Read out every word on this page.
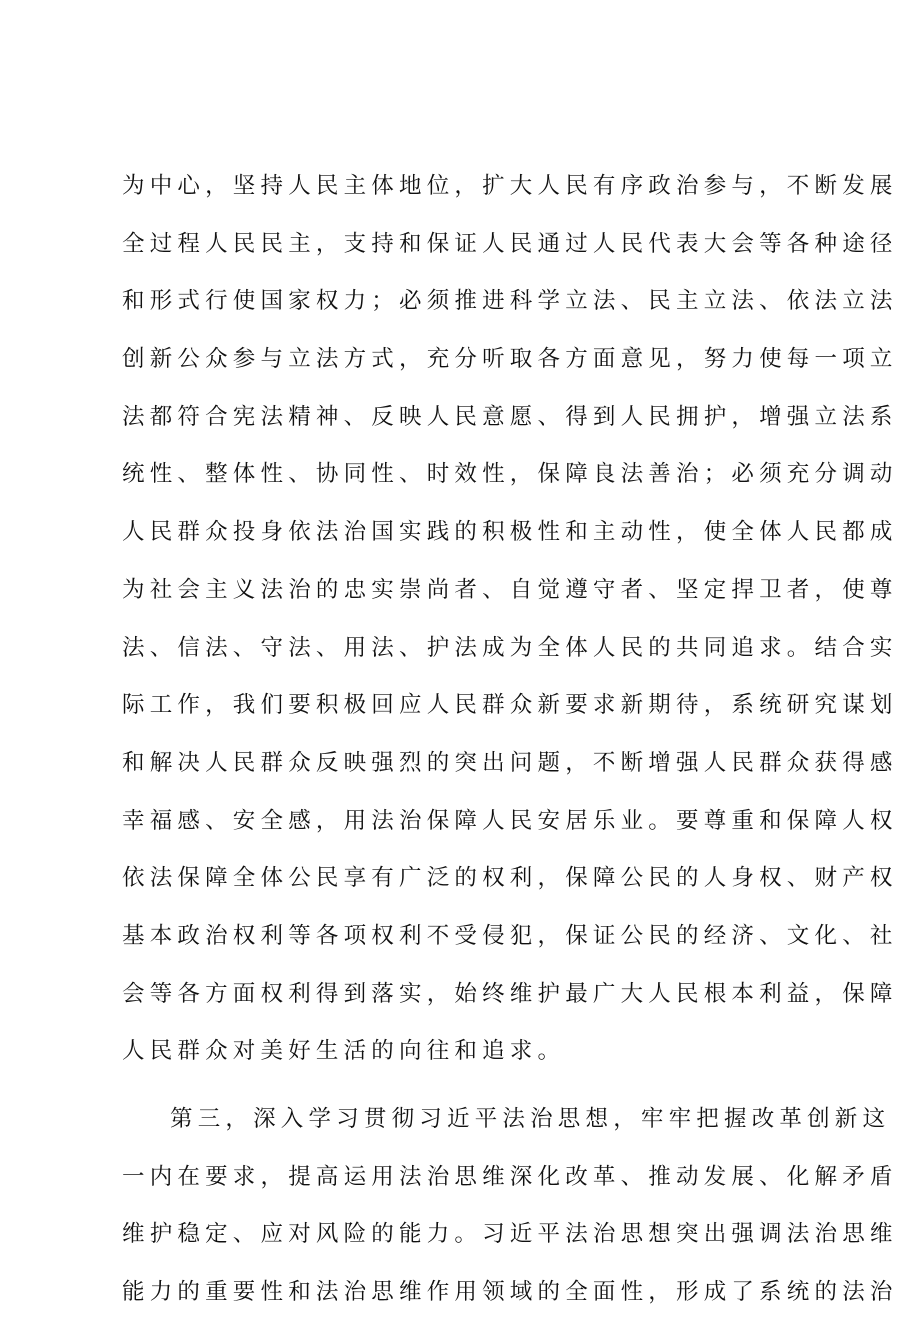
为中心，坚持人民主体地位，扩大人民有序政治参与，不断发展
全过程人民民主，支持和保证人民通过人民代表大会等各种途径
和形式行使国家权力；必须推进科学立法、民主立法、依法立法
创新公众参与立法方式，充分听取各方面意见，努力使每一项立
法都符合宪法精神、反映人民意愿、得到人民拥护，增强立法系
统性、整体性、协同性、时效性，保障良法善治；必须充分调动
人民群众投身依法治国实践的积极性和主动性，使全体人民都成
为社会主义法治的忠实崇尚者、自觉遵守者、坚定捍卫者，使尊
法、信法、守法、用法、护法成为全体人民的共同追求。结合实
际工作，我们要积极回应人民群众新要求新期待，系统研究谋划
和解决人民群众反映强烈的突出问题，不断增强人民群众获得感
幸福感、安全感，用法治保障人民安居乐业。要尊重和保障人权
依法保障全体公民享有广泛的权利，保障公民的人身权、财产权
基本政治权利等各项权利不受侵犯，保证公民的经济、文化、社
会等各方面权利得到落实，始终维护最广大人民根本利益，保障
人民群众对美好生活的向往和追求。
第三，深入学习贯彻习近平法治思想，牢牢把握改革创新这
一内在要求，提高运用法治思维深化改革、推动发展、化解矛盾
维护稳定、应对风险的能力。习近平法治思想突出强调法治思维
能力的重要性和法治思维作用领域的全面性，形成了系统的法治
